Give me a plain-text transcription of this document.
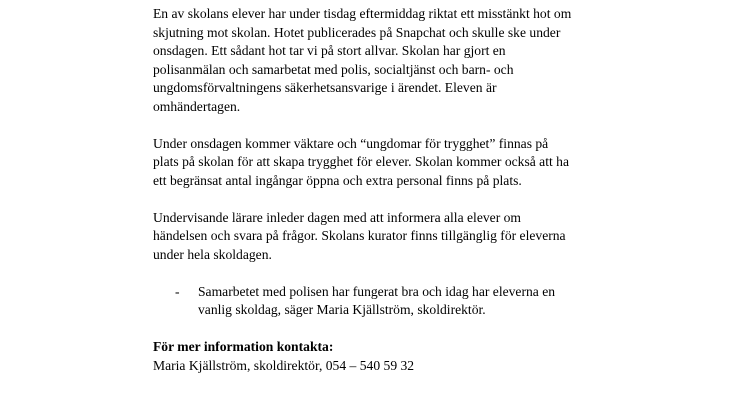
En av skolans elever har under tisdag eftermiddag riktat ett misstänkt hot om
skjutning mot skolan. Hotet publicerades på Snapchat och skulle ske under
onsdagen. Ett sådant hot tar vi på stort allvar. Skolan har gjort en
polisanmälan och samarbetat med polis, socialtjänst och barn- och
ungdomsförvaltningens säkerhetsansvarige i ärendet. Eleven är
omhändertagen.

Under onsdagen kommer väktare och “ungdomar för trygghet” finnas på
plats på skolan för att skapa trygghet för elever. Skolan kommer också att ha
ett begränsat antal ingångar öppna och extra personal finns på plats.

Undervisande lärare inleder dagen med att informera alla elever om
händelsen och svara på frågor. Skolans kurator finns tillgänglig för eleverna
under hela skoldagen.

- Samarbetet med polisen har fungerat bra och idag har eleverna en
vanlig skoldag, säger Maria Kjällström, skoldirektör.
För mer information kontakta:
Maria Kjällström, skoldirektör, 054 – 540 59 32
